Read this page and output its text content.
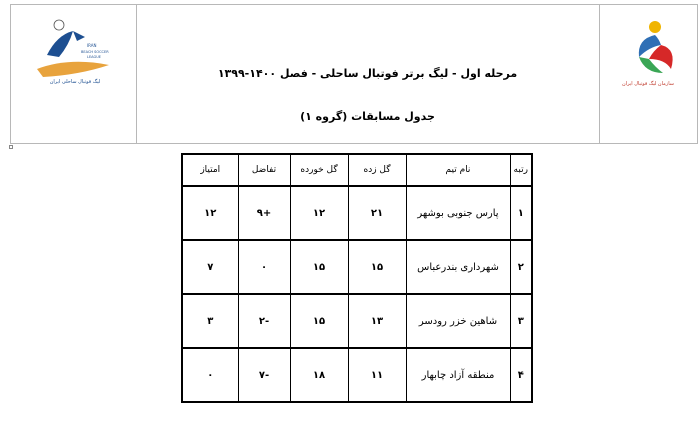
IRAN
BEACH SOCCER
LEAGUE
لیگ فوتبال ساحلی ایران
مرحله اول - لیگ برتر فوتبال ساحلی - فصل ۱۴۰۰-۱۳۹۹
جدول مسابقات (گروه ۱)
سازمان لیگ فوتبال ایران
رتبه	نام تیم	گل زده	گل خورده	تفاضل	امتیاز
۱	پارس جنوبی بوشهر	۲۱	۱۲	+۹	۱۲
۲	شهرداری بندرعباس	۱۵	۱۵	۰	۷
۳	شاهین خزر رودسر	۱۳	۱۵	-۲	۳
۴	منطقه آزاد چابهار	۱۱	۱۸	-۷	۰
